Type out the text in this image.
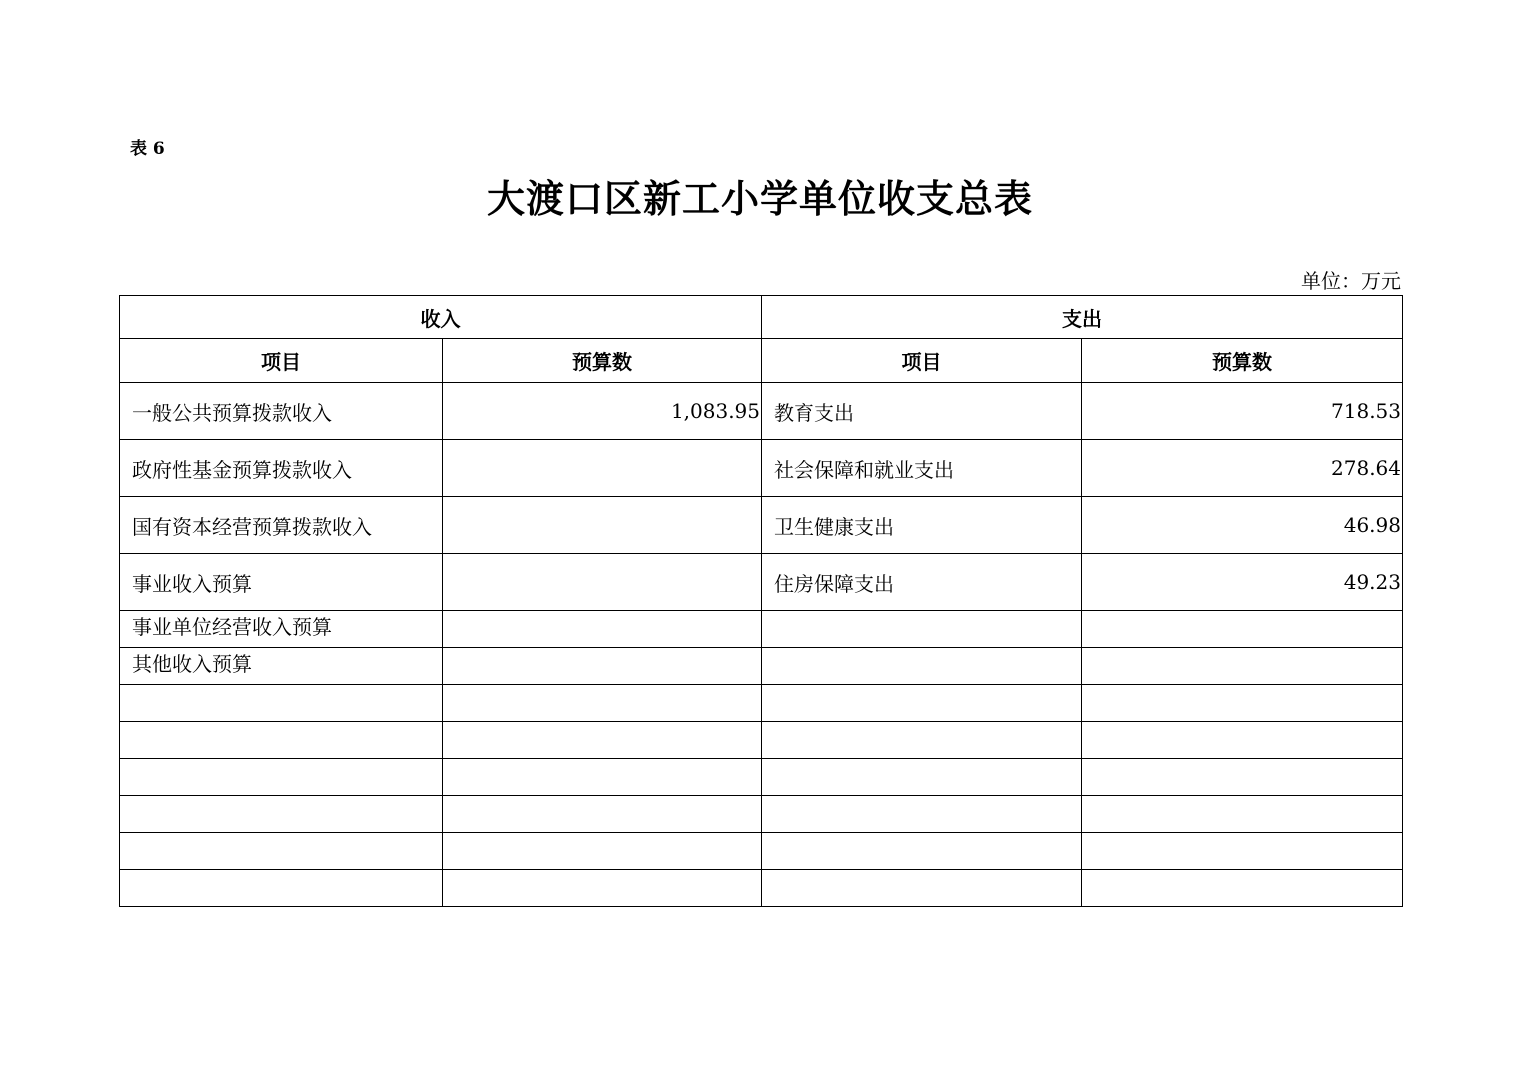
表 6
大渡口区新工小学单位收支总表
单位：万元
收入		支出	
项目	预算数	项目	预算数
一般公共预算拨款收入	1,083.95	教育支出	718.53
政府性基金预算拨款收入		社会保障和就业支出	278.64
国有资本经营预算拨款收入		卫生健康支出	46.98
事业收入预算		住房保障支出	49.23
事业单位经营收入预算			
其他收入预算			
